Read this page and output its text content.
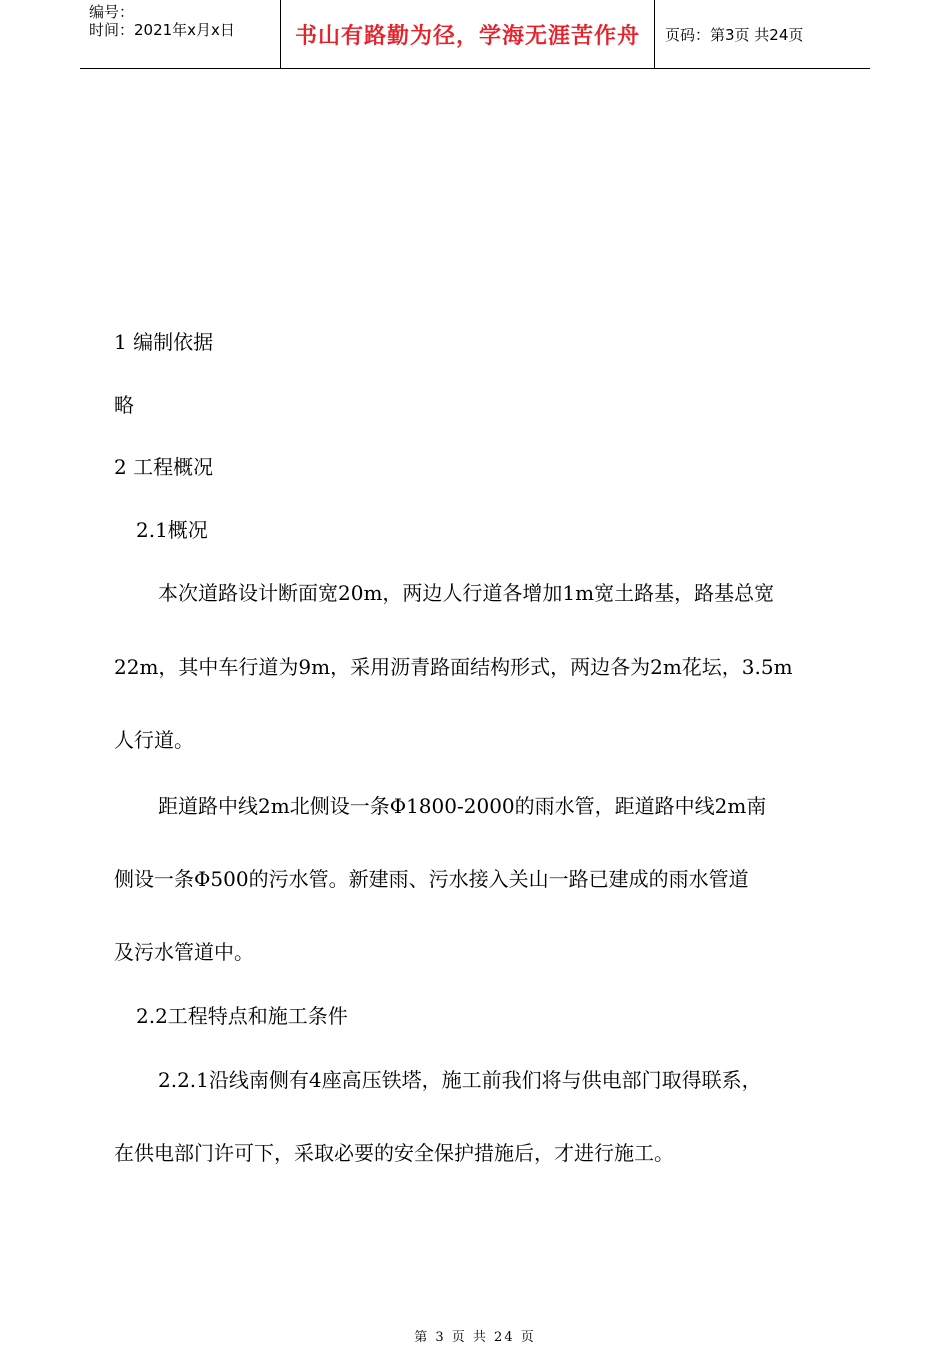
编号：
时间：2021年x月x日	书山有路勤为径，学海无涯苦作舟	页码：第3页 共24页
1 编制依据
略
2 工程概况
2.1概况
本次道路设计断面宽20m，两边人行道各增加1m宽土路基，路基总宽
22m，其中车行道为9m，采用沥青路面结构形式，两边各为2m花坛，3.5m
人行道。
距道路中线2m北侧设一条Φ1800-2000的雨水管，距道路中线2m南
侧设一条Φ500的污水管。新建雨、污水接入关山一路已建成的雨水管道
及污水管道中。
2.2工程特点和施工条件
2.2.1沿线南侧有4座高压铁塔，施工前我们将与供电部门取得联系，
在供电部门许可下，采取必要的安全保护措施后，才进行施工。
第 3 页 共 24 页
